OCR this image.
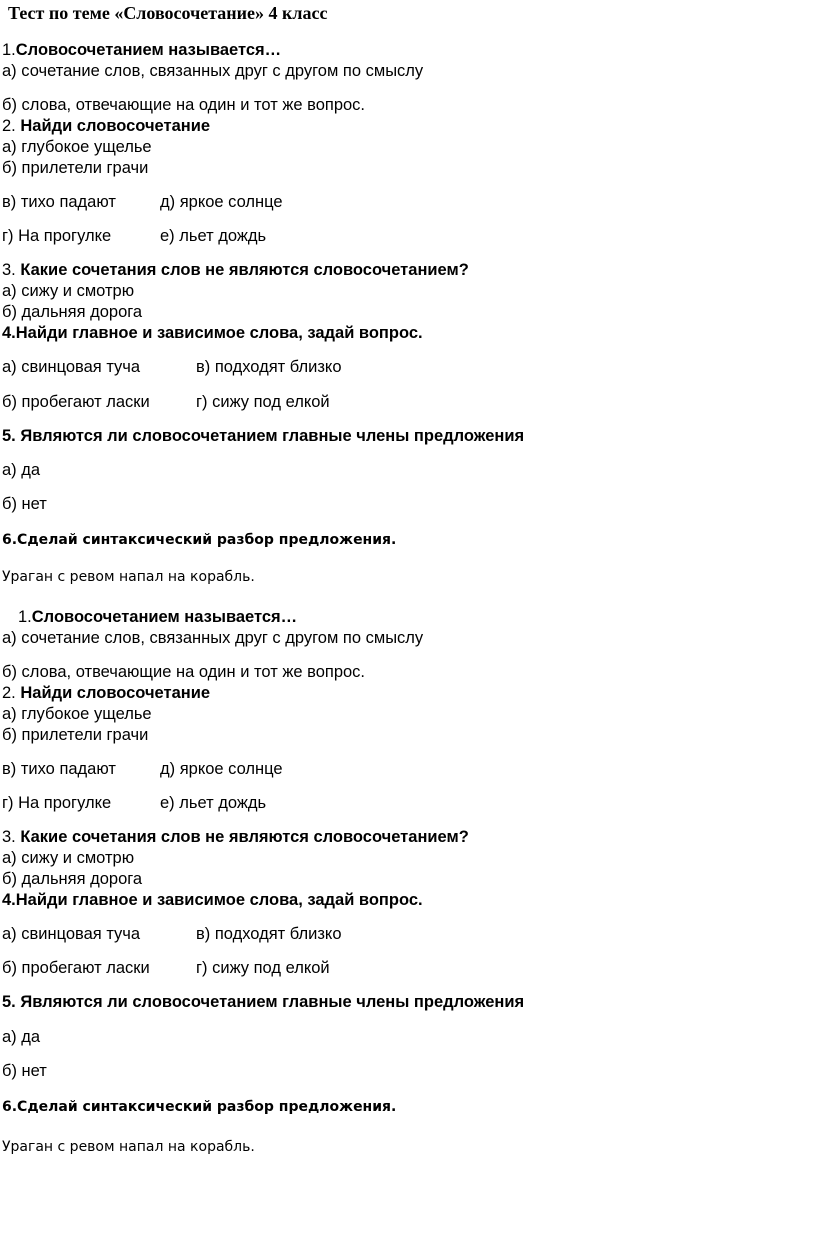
Тест по теме «Словосочетание» 4 класс
1.Словосочетанием называется…
а) сочетание слов, связанных друг с другом по смыслу
б) слова, отвечающие на один и тот же вопрос.
2. Найди словосочетание
а) глубокое ущелье
б) прилетели грачи
в) тихо падают	д) яркое солнце
г) На прогулке	е) льет дождь
3. Какие сочетания слов не являются словосочетанием?
а) сижу и смотрю
б) дальняя дорога
4.Найди главное и зависимое слова, задай вопрос.
а) свинцовая туча	в) подходят близко
б) пробегают ласки	г) сижу под елкой
5. Являются ли словосочетанием главные члены предложения
а) да
б) нет
6.Сделай синтаксический разбор предложения.
Ураган с ревом напал на корабль.
1.Словосочетанием называется…
а) сочетание слов, связанных друг с другом по смыслу
б) слова, отвечающие на один и тот же вопрос.
2. Найди словосочетание
а) глубокое ущелье
б) прилетели грачи
в) тихо падают	д) яркое солнце
г) На прогулке	е) льет дождь
3. Какие сочетания слов не являются словосочетанием?
а) сижу и смотрю
б) дальняя дорога
4.Найди главное и зависимое слова, задай вопрос.
а) свинцовая туча	в) подходят близко
б) пробегают ласки	г) сижу под елкой
5. Являются ли словосочетанием главные члены предложения
а) да
б) нет
6.Сделай синтаксический разбор предложения.
Ураган с ревом напал на корабль.
